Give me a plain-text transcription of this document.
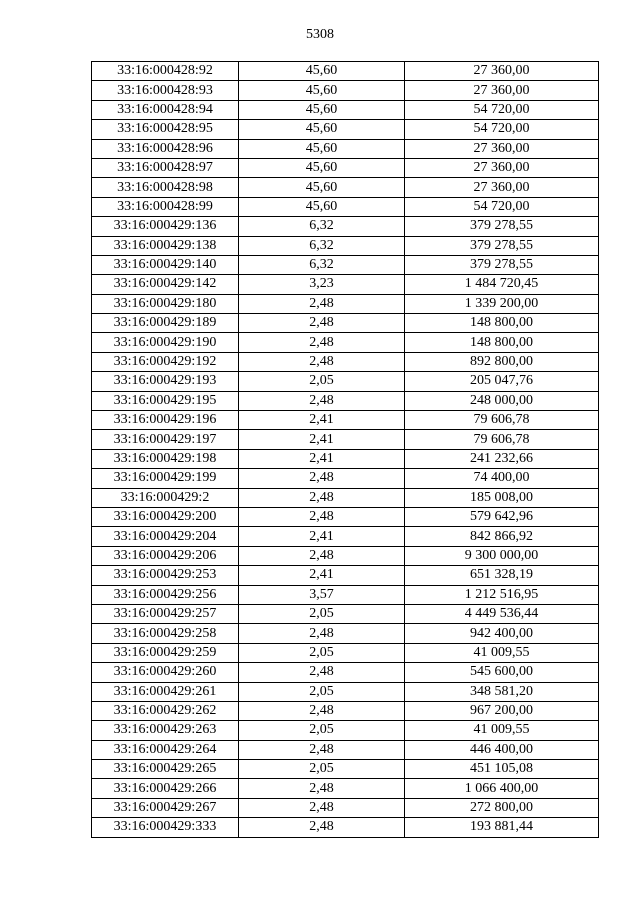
5308
33:16:000428:92	45,60	27 360,00
33:16:000428:93	45,60	27 360,00
33:16:000428:94	45,60	54 720,00
33:16:000428:95	45,60	54 720,00
33:16:000428:96	45,60	27 360,00
33:16:000428:97	45,60	27 360,00
33:16:000428:98	45,60	27 360,00
33:16:000428:99	45,60	54 720,00
33:16:000429:136	6,32	379 278,55
33:16:000429:138	6,32	379 278,55
33:16:000429:140	6,32	379 278,55
33:16:000429:142	3,23	1 484 720,45
33:16:000429:180	2,48	1 339 200,00
33:16:000429:189	2,48	148 800,00
33:16:000429:190	2,48	148 800,00
33:16:000429:192	2,48	892 800,00
33:16:000429:193	2,05	205 047,76
33:16:000429:195	2,48	248 000,00
33:16:000429:196	2,41	79 606,78
33:16:000429:197	2,41	79 606,78
33:16:000429:198	2,41	241 232,66
33:16:000429:199	2,48	74 400,00
33:16:000429:2	2,48	185 008,00
33:16:000429:200	2,48	579 642,96
33:16:000429:204	2,41	842 866,92
33:16:000429:206	2,48	9 300 000,00
33:16:000429:253	2,41	651 328,19
33:16:000429:256	3,57	1 212 516,95
33:16:000429:257	2,05	4 449 536,44
33:16:000429:258	2,48	942 400,00
33:16:000429:259	2,05	41 009,55
33:16:000429:260	2,48	545 600,00
33:16:000429:261	2,05	348 581,20
33:16:000429:262	2,48	967 200,00
33:16:000429:263	2,05	41 009,55
33:16:000429:264	2,48	446 400,00
33:16:000429:265	2,05	451 105,08
33:16:000429:266	2,48	1 066 400,00
33:16:000429:267	2,48	272 800,00
33:16:000429:333	2,48	193 881,44
